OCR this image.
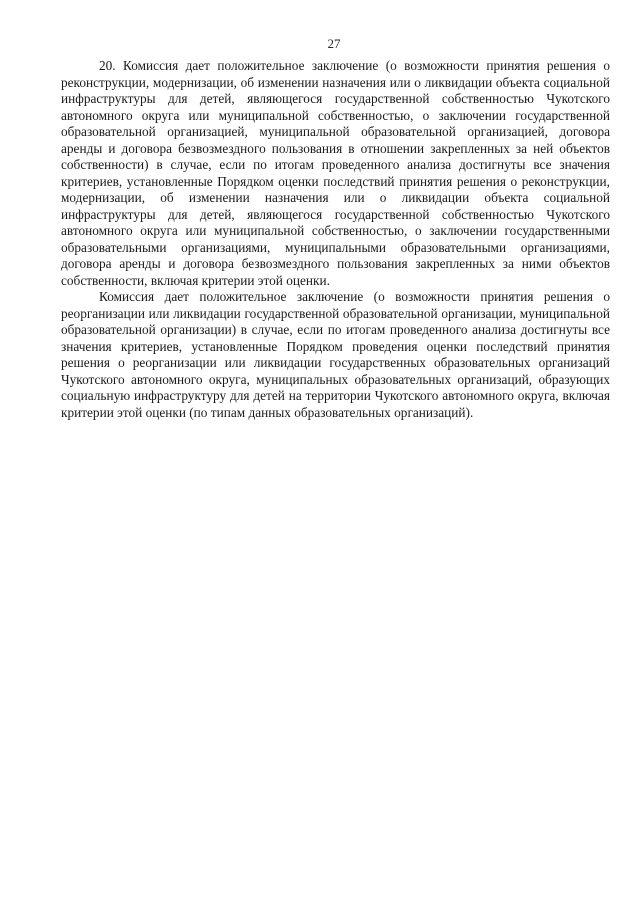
27

20. Комиссия дает положительное заключение (о возможности принятия решения о реконструкции, модернизации, об изменении назначения или о ликвидации объекта социальной инфраструктуры для детей, являющегося государственной собственностью Чукотского автономного округа или муниципальной собственностью, о заключении государственной образовательной организацией, муниципальной образовательной организацией, договора аренды и договора безвозмездного пользования в отношении закрепленных за ней объектов собственности) в случае, если по итогам проведенного анализа достигнуты все значения критериев, установленные Порядком оценки последствий принятия решения о реконструкции, модернизации, об изменении назначения или о ликвидации объекта социальной инфраструктуры для детей, являющегося государственной собственностью Чукотского автономного округа или муниципальной собственностью, о заключении государственными образовательными организациями, муниципальными образовательными организациями, договора аренды и договора безвозмездного пользования закрепленных за ними объектов собственности, включая критерии этой оценки.

Комиссия дает положительное заключение (о возможности принятия решения о реорганизации или ликвидации государственной образовательной организации, муниципальной образовательной организации) в случае, если по итогам проведенного анализа достигнуты все значения критериев, установленные Порядком проведения оценки последствий принятия решения о реорганизации или ликвидации государственных образовательных организаций Чукотского автономного округа, муниципальных образовательных организаций, образующих социальную инфраструктуру для детей на территории Чукотского автономного округа, включая критерии этой оценки (по типам данных образовательных организаций).
